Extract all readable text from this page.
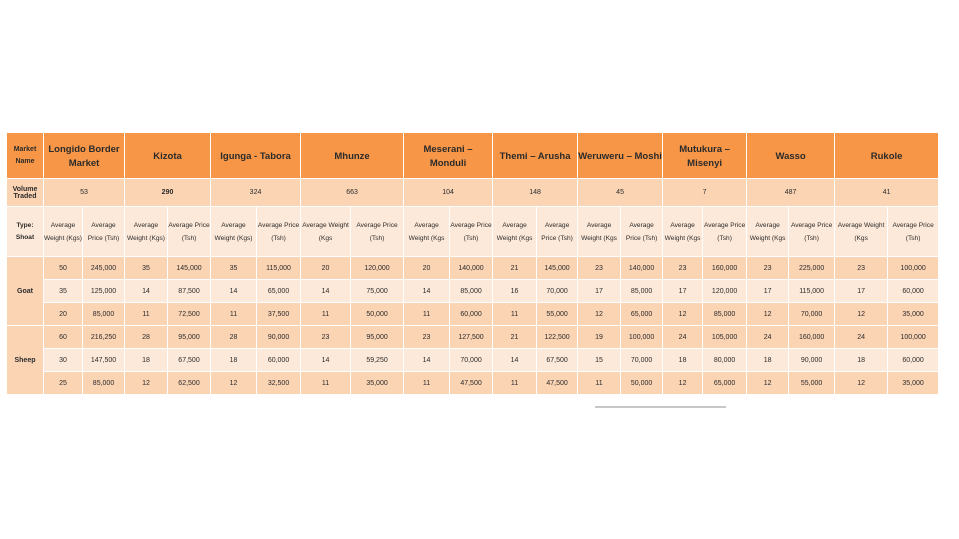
Market Name	Longido Border Market		Kizota		Igunga - Tabora		Mhunze		Meserani – Monduli		Themi – Arusha		Weruweru – Moshi		Mutukura – Misenyi		Wasso		Rukole	

Volume Traded	53		290		324		663		104		148		45		7		487		41	
Type: Shoat	Average Weight (Kgs)	Average Price (Tsh)	Average Weight (Kgs)	Average Price (Tsh)	Average Weight (Kgs)	Average Price (Tsh)	Average Weight (Kgs	Average Price (Tsh)	Average Weight (Kgs	Average Price (Tsh)	Average Weight (Kgs	Average Price (Tsh)	Average Weight (Kgs	Average Price (Tsh)	Average Weight (Kgs	Average Price (Tsh)	Average Weight (Kgs	Average Price (Tsh)	Average Weight (Kgs	Average Price (Tsh)
Goat	50	245,000	35	145,000	35	115,000	20	120,000	20	140,000	21	145,000	23	140,000	23	160,000	23	225,000	23	100,000
	35	125,000	14	87,500	14	65,000	14	75,000	14	85,000	16	70,000	17	85,000	17	120,000	17	115,000	17	60,000
	20	85,000	11	72,500	11	37,500	11	50,000	11	60,000	11	55,000	12	65,000	12	85,000	12	70,000	12	35,000
Sheep	60	216,250	28	95,000	28	90,000	23	95,000	23	127,500	21	122,500	19	100,000	24	105,000	24	160,000	24	100,000
	30	147,500	18	67,500	18	60,000	14	59,250	14	70,000	14	67,500	15	70,000	18	80,000	18	90,000	18	60,000
	25	85,000	12	62,500	12	32,500	11	35,000	11	47,500	11	47,500	11	50,000	12	65,000	12	55,000	12	35,000
